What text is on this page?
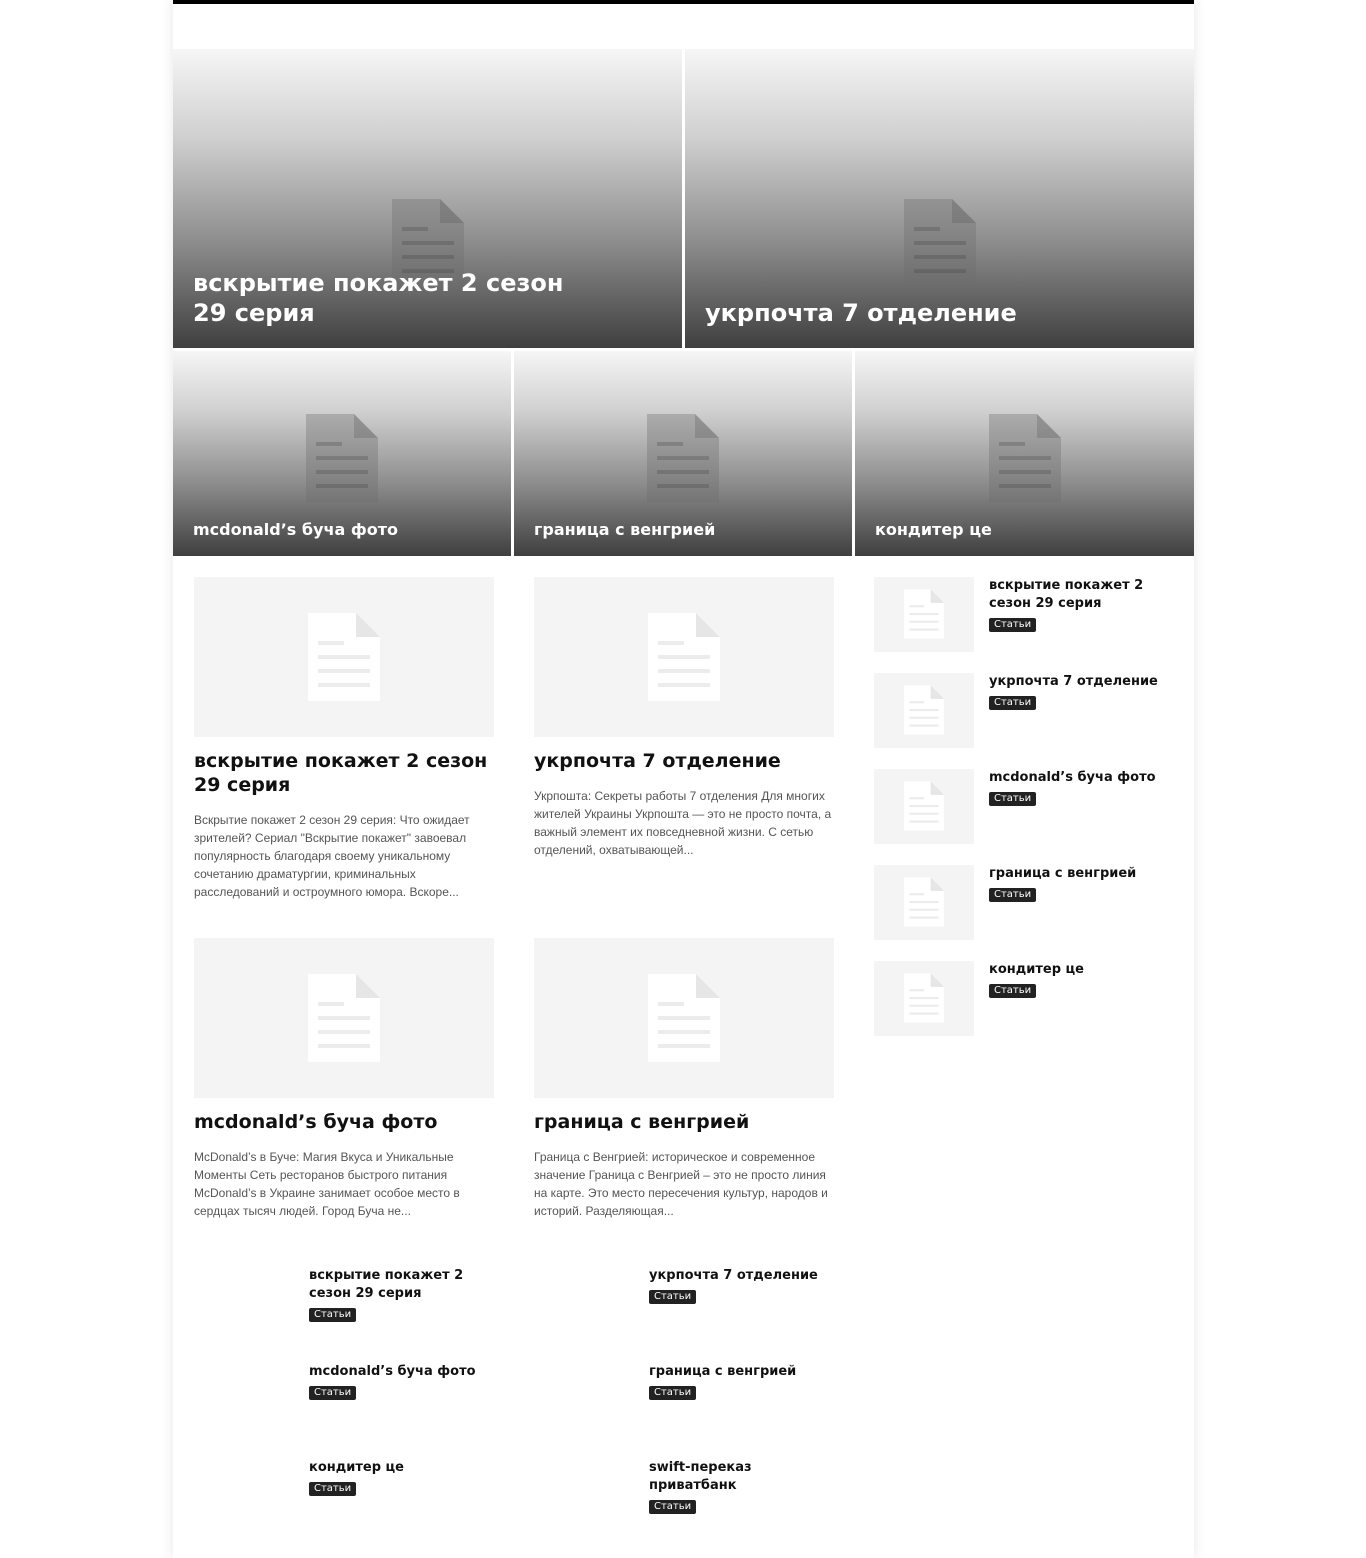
вскрытие покажет 2 сезон 29 серия	укрпочта 7 отделение
mcdonald’s буча фото	граница с венгрией	кондитер це
вскрытие покажет 2 сезон 29 серия
Вскрытие покажет 2 сезон 29 серия: Что ожидает зрителей? Сериал "Вскрытие покажет" завоевал популярность благодаря своему уникальному сочетанию драматургии, криминальных расследований и остроумного юмора. Вскоре...
укрпочта 7 отделение
Укрпошта: Секреты работы 7 отделения Для многих жителей Украины Укрпошта — это не просто почта, а важный элемент их повседневной жизни. С сетью отделений, охватывающей...
mcdonald’s буча фото
McDonald’s в Буче: Магия Вкуса и Уникальные Моменты Сеть ресторанов быстрого питания McDonald’s в Украине занимает особое место в сердцах тысяч людей. Город Буча не...
граница с венгрией
Граница с Венгрией: историческое и современное значение Граница с Венгрией – это не просто линия на карте. Это место пересечения культур, народов и историй. Разделяющая...
вскрытие покажет 2 сезон 29 серия
Статьи
укрпочта 7 отделение
Статьи
mcdonald’s буча фото
Статьи
граница с венгрией
Статьи
кондитер це
Статьи
вскрытие покажет 2 сезон 29 серия
Статьи
укрпочта 7 отделение
Статьи
mcdonald’s буча фото
Статьи
граница с венгрией
Статьи
кондитер це
Статьи
swift-переказ приватбанк
Статьи
